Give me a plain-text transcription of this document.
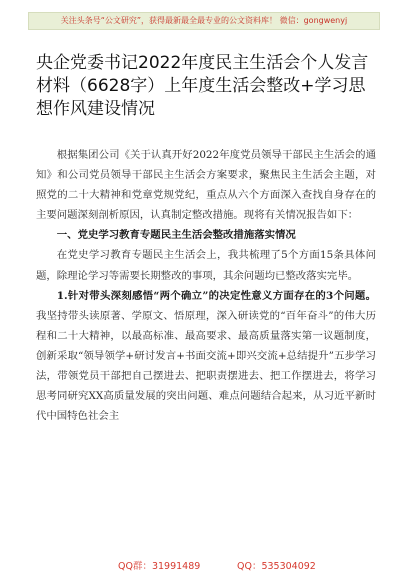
关注头条号“公文研究”，获得最新最全最专业的公文资料库！ 微信：gongwenyj
央企党委书记2022年度民主生活会个人发言材料（6628字）上年度生活会整改+学习思想作风建设情况

根据集团公司《关于认真开好2022年度党员领导干部民主生活会的通知》和公司党员领导干部民主生活会方案要求，聚焦民主生活会主题，对照党的二十大精神和党章党规党纪，重点从六个方面深入查找自身存在的主要问题深刻剖析原因，认真制定整改措施。现将有关情况报告如下：

一、党史学习教育专题民主生活会整改措施落实情况

在党史学习教育专题民主生活会上，我共梳理了5个方面15条具体问题，除理论学习等需要长期整改的事项，其余问题均已整改落实完毕。

1.针对带头深刻感悟“两个确立”的决定性意义方面存在的3个问题。我坚持带头读原著、学原文、悟原理，深入研读党的“百年奋斗”的伟大历程和二十大精神，以最高标准、最高要求、最高质量落实第一议题制度，创新采取“领导领学+研讨发言+书面交流+即兴交流+总结提升”五步学习法，带领党员干部把自己摆进去、把职责摆进去、把工作摆进去，将学习思考同研究XX高质量发展的突出问题、难点问题结合起来，从习近平新时代中国特色社会主

QQ群：31991489	QQ：535304092
